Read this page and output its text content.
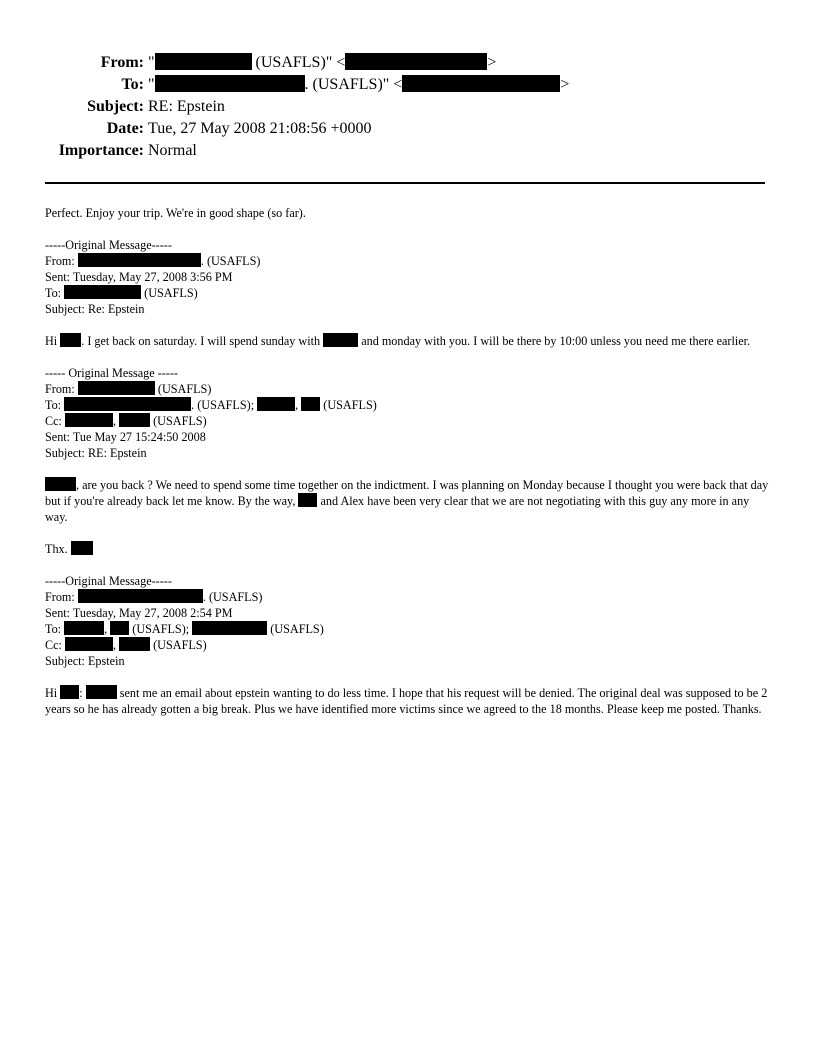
From: "	(USAFLS)" <	>
To: "	. (USAFLS)" <	>
Subject: RE: Epstein
Date: Tue, 27 May 2008 21:08:56 +0000
Importance: Normal
Perfect. Enjoy your trip. We're in good shape (so far).
-----Original Message-----
From:	. (USAFLS)
Sent: Tuesday, May 27, 2008 3:56 PM
To:	(USAFLS)
Subject: Re: Epstein
Hi . I get back on saturday. I will spend sunday with	and monday with you. I will be there by 10:00 unless you need me there earlier.
----- Original Message -----
From:	(USAFLS)
To:	. (USAFLS);	,  (USAFLS)
Cc:	,	(USAFLS)
Sent: Tue May 27 15:24:50 2008
Subject: RE: Epstein
, are you back ? We need to spend some time together on the indictment. I was planning on Monday because I thought you were back that day but if you're already back let me know. By the way,  and Alex have been very clear that we are not negotiating with this guy any more in any way.
Thx.
-----Original Message-----
From:	. (USAFLS)
Sent: Tuesday, May 27, 2008 2:54 PM
To:	,  (USAFLS);	(USAFLS)
Cc:	,	(USAFLS)
Subject: Epstein
Hi :	sent me an email about epstein wanting to do less time. I hope that his request will be denied. The original deal was supposed to be 2 years so he has already gotten a big break. Plus we have identified more victims since we agreed to the 18 months. Please keep me posted. Thanks.
